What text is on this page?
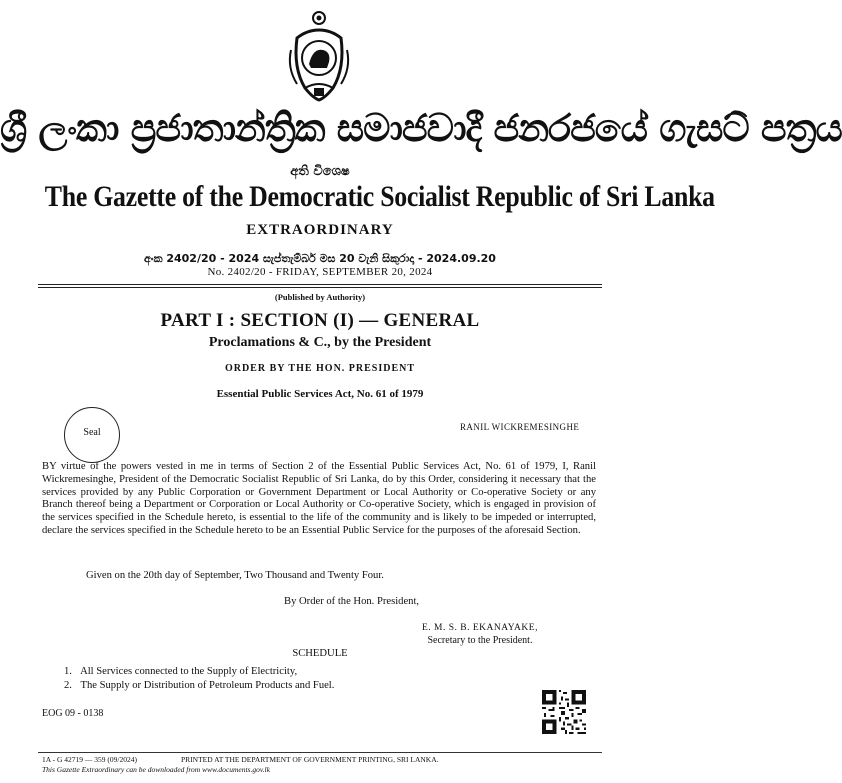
ශ්‍රී ලංකා ප්‍රජාතාන්ත්‍රික සමාජවාදී ජනරජයේ ගැසට් පත්‍රය
අති විශෙෂ
The Gazette of the Democratic Socialist Republic of Sri Lanka
EXTRAORDINARY
අංක 2402/20 - 2024 සැප්තැම්බර් මස 20 වැනි සිකුරාදා - 2024.09.20
No. 2402/20 - FRIDAY, SEPTEMBER 20, 2024
(Published by Authority)
PART I : SECTION (I) — GENERAL
Proclamations & C., by the President
ORDER BY THE HON. PRESIDENT
Essential Public Services Act, No. 61 of 1979
Seal	RANIL WICKREMESINGHE

BY virtue of the powers vested in me in terms of Section 2 of the Essential Public Services Act, No. 61 of 1979, I, Ranil Wickremesinghe, President of the Democratic Socialist Republic of Sri Lanka, do by this Order, considering it necessary that the services provided by any Public Corporation or Government Department or Local Authority or Co-operative Society or any Branch thereof being a Department or Corporation or Local Authority or Co-operative Society, which is engaged in provision of the services specified in the Schedule hereto, is essential to the life of the community and is likely to be impeded or interrupted, declare the services specified in the Schedule hereto to be an Essential Public Service for the purposes of the aforesaid Section.

Given on the 20th day of September, Two Thousand and Twenty Four.
By Order of the Hon. President,
E. M. S. B. EKANAYAKE,
Secretary to the President.
SCHEDULE
1. All Services connected to the Supply of Electricity,
2. The Supply or Distribution of Petroleum Products and Fuel.
EOG 09 - 0138
1A - G 42719 — 359 (09/2024)	PRINTED AT THE DEPARTMENT OF GOVERNMENT PRINTING, SRI LANKA.
This Gazette Extraordinary can be downloaded from www.documents.gov.lk
